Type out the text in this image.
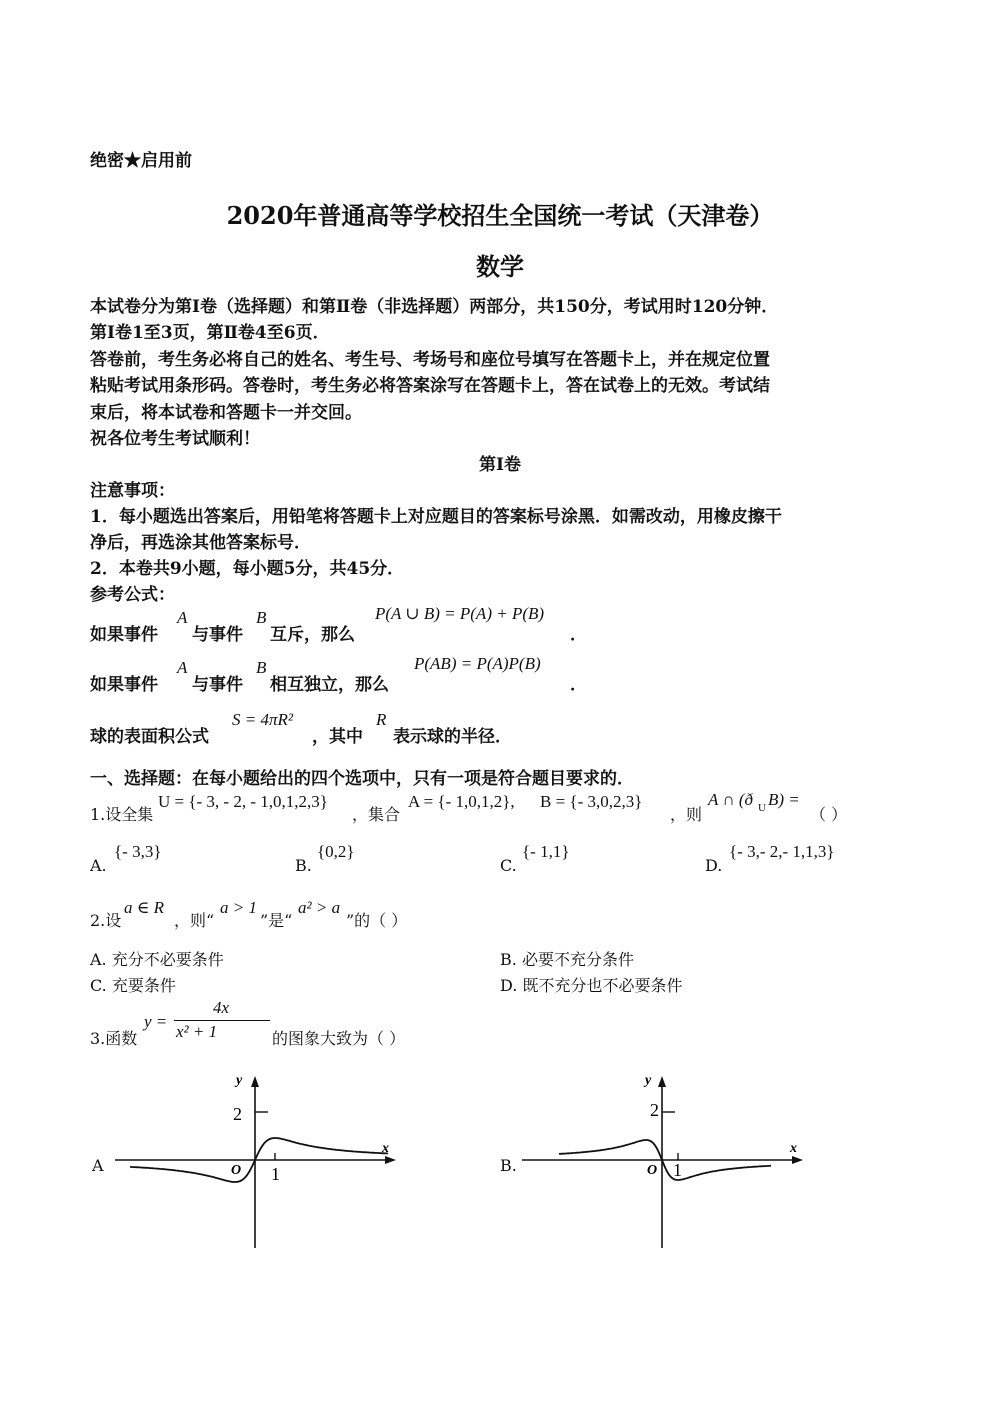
绝密★启用前
2020年普通高等学校招生全国统一考试（天津卷）
数学
本试卷分为第Ⅰ卷（选择题）和第Ⅱ卷（非选择题）两部分，共150分，考试用时120分钟．
第Ⅰ卷1至3页，第Ⅱ卷4至6页．
答卷前，考生务必将自己的姓名、考生号、考场号和座位号填写在答题卡上，并在规定位置
粘贴考试用条形码。答卷时，考生务必将答案涂写在答题卡上，答在试卷上的无效。考试结
束后，将本试卷和答题卡一并交回。
祝各位考生考试顺利！
第I卷
注意事项：
1．每小题选出答案后，用铅笔将答题卡上对应题目的答案标号涂黑．如需改动，用橡皮擦干
净后，再选涂其他答案标号．
2．本卷共9小题，每小题5分，共45分．
参考公式：
如果事件
A
与事件
B
互斥，那么
P(A ∪ B) = P(A) + P(B)
．
如果事件
A
与事件
B
相互独立，那么
P(AB) = P(A)P(B)
．
球的表面积公式
S = 4πR²
，其中
R
表示球的半径．
一、选择题：在每小题给出的四个选项中，只有一项是符合题目要求的．
1.设全集
U = {- 3, - 2, - 1,0,1,2,3}
，集合
A = {- 1,0,1,2}, B = {- 3,0,2,3}
，则
A ∩ (ð U B) =
（ ）
A.
{- 3,3}
B.
{0,2}
C.
{- 1,1}
D.
{- 3,- 2,- 1,1,3}
2.设
a ∈ R
，则“
a > 1
”是“
a² > a
”的（ ）
A. 充分不必要条件	B. 必要不充分条件
C. 充要条件	D. 既不充分也不必要条件
3.函数
y =
4x
x² + 1	的图象大致为（ ）
A
y
x
O 1
2
B.
y
x
O 1
2
